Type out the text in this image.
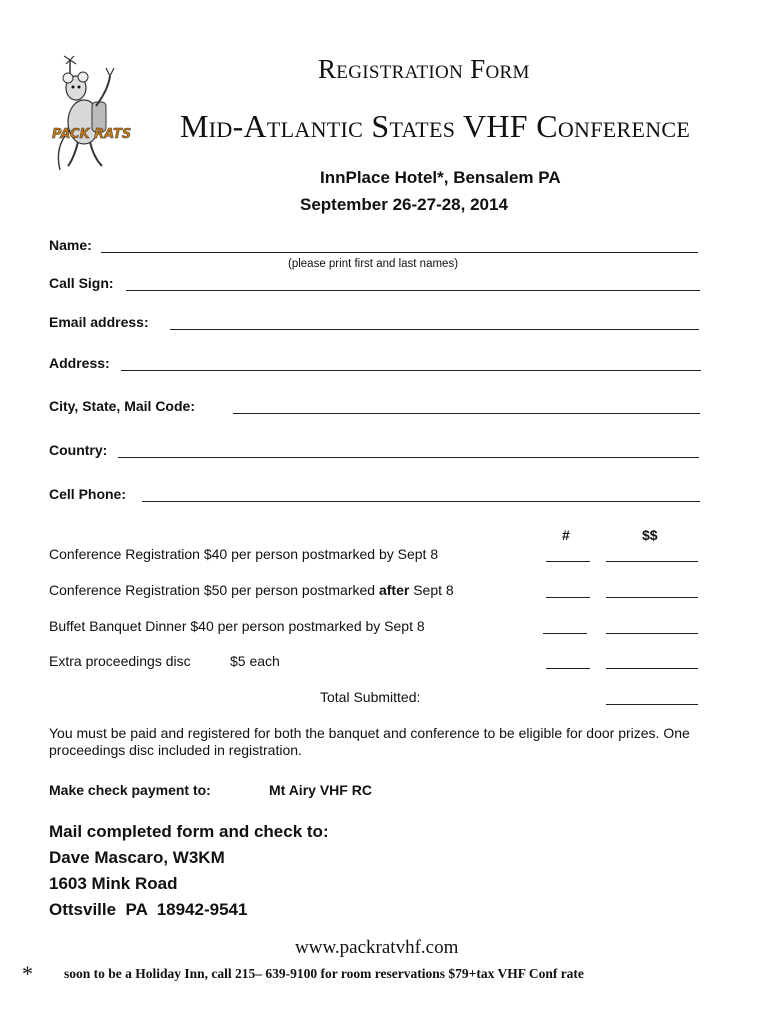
PACK RATS
Registration Form
Mid-Atlantic States VHF Conference
InnPlace Hotel*, Bensalem PA
September 26-27-28, 2014
Name:
(please print first and last names)
Call Sign:
Email address:
Address:
City, State, Mail Code:
Country:
Cell Phone:
#	$$
Conference Registration $40 per person postmarked by Sept 8
Conference Registration $50 per person postmarked after Sept 8
Buffet Banquet Dinner $40 per person postmarked by Sept 8
Extra proceedings disc	$5 each
Total Submitted:
You must be paid and registered for both the banquet and conference to be eligible for door prizes. One proceedings disc included in registration.
Make check payment to:	Mt Airy VHF RC
Mail completed form and check to:
Dave Mascaro, W3KM
1603 Mink Road
Ottsville  PA  18942-9541
www.packratvhf.com
* soon to be a Holiday Inn, call 215– 639-9100 for room reservations $79+tax VHF Conf rate
